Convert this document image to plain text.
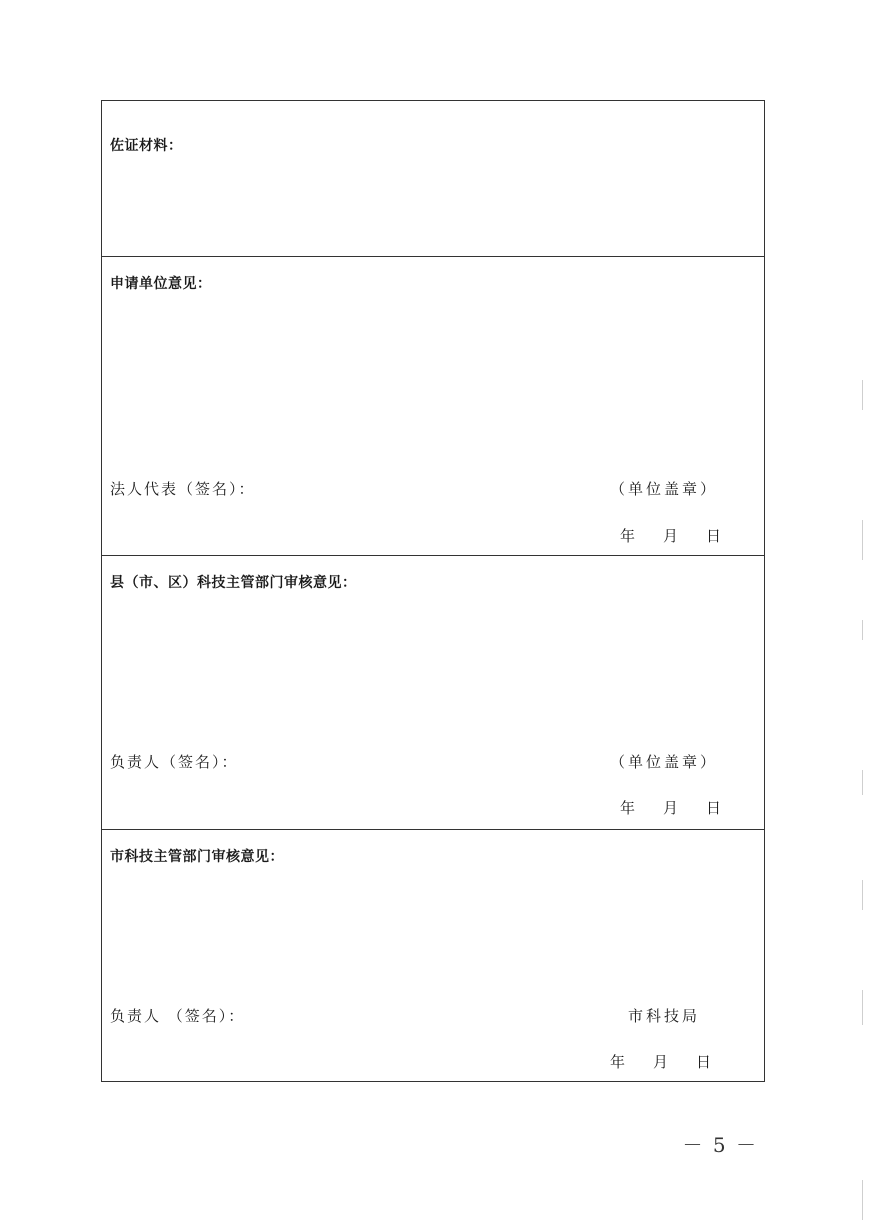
佐证材料：
申请单位意见：
法人代表（签名）：	（单位盖章）
年 月 日
县（市、区）科技主管部门审核意见：
负责人（签名）：	（单位盖章）
年 月 日
市科技主管部门审核意见：
负责人 （签名）：	市科技局
年 月 日
－ 5 －
